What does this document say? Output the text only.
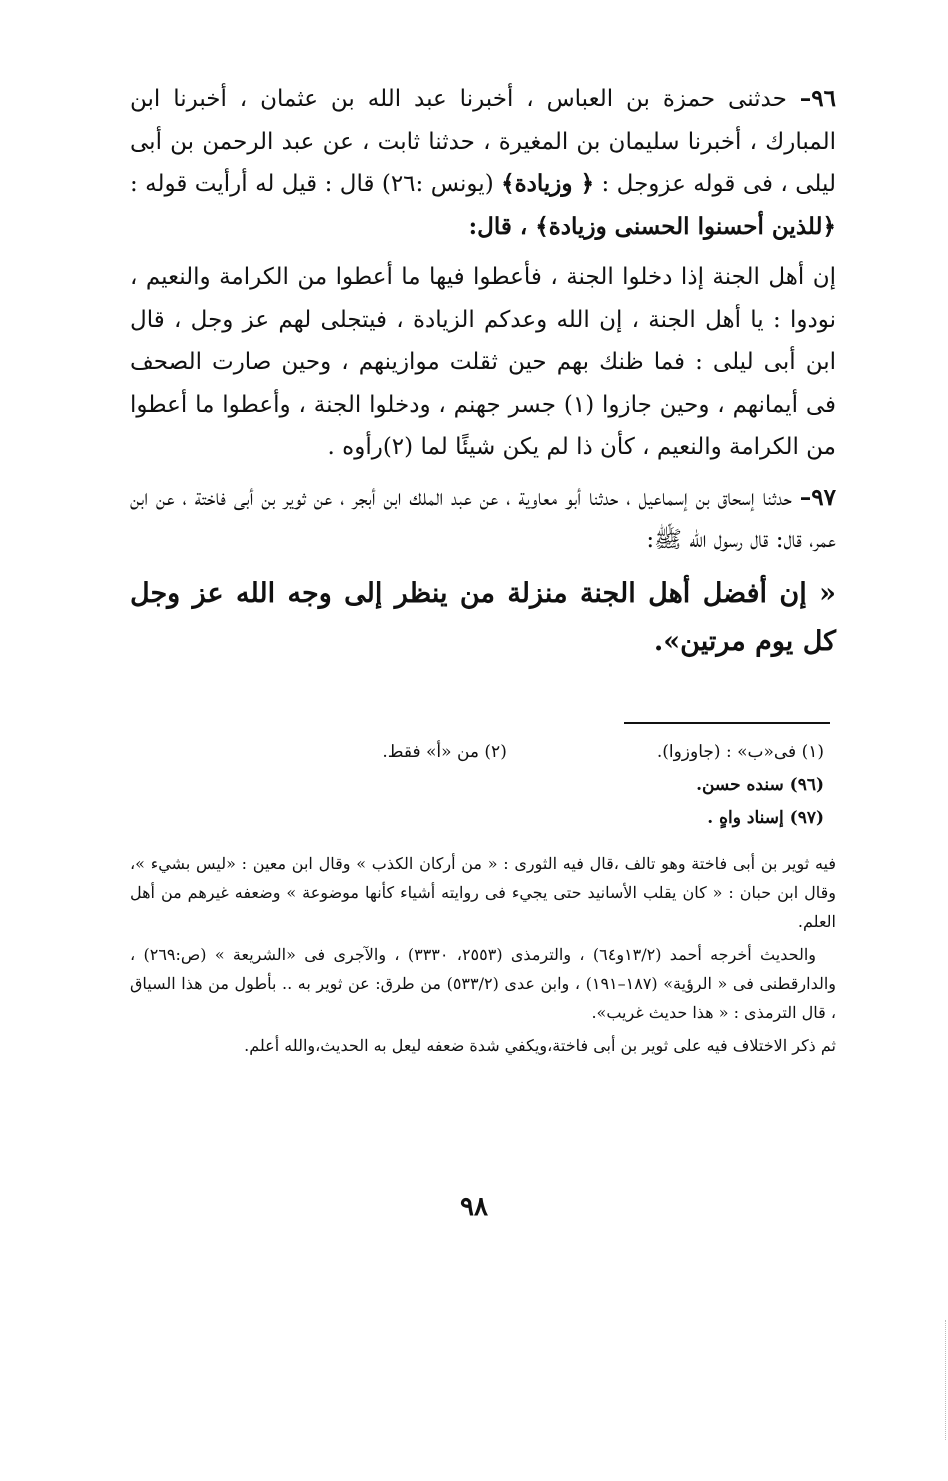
٩٦– حدثنى حمزة بن العباس ، أخبرنا عبد الله بن عثمان ، أخبرنا ابن المبارك ، أخبرنا سليمان بن المغيرة ، حدثنا ثابت ، عن عبد الرحمن بن أبى ليلى ، فى قوله عزوجل : ﴿ وزيادة﴾ (يونس :٢٦) قال : قيل له أرأيت قوله : ﴿للذين أحسنوا الحسنى وزيادة﴾ ، قال:

إن أهل الجنة إذا دخلوا الجنة ، فأعطوا فيها ما أعطوا من الكرامة والنعيم ، نودوا : يا أهل الجنة ، إن الله وعدكم الزيادة ، فيتجلى لهم عز وجل ، قال ابن أبى ليلى : فما ظنك بهم حين ثقلت موازينهم ، وحين صارت الصحف فى أيمانهم ، وحين جازوا (١) جسر جهنم ، ودخلوا الجنة ، وأعطوا ما أعطوا من الكرامة والنعيم ، كأن ذا لم يكن شيئًا لما (٢)رأوه .

٩٧– حدثنا إسحاق بن إسماعيل ، حدثنا أبو معاوية ، عن عبد الملك ابن أبجر ، عن ثوير بن أبى فاختة ، عن ابن عمر، قال: قال رسول الله ﷺ:

« إن أفضل أهل الجنة منزلة من ينظر إلى وجه الله عز وجل كل يوم مرتين».

(١) فى«ب» : (جاوزوا).(٢) من «أ» فقط.
(٩٦) سنده حسن.
(٩٧) إسناد واهٍ .

فيه ثوير بن أبى فاختة وهو تالف ،قال فيه الثورى : « من أركان الكذب » وقال ابن معين : «ليس بشيء »، وقال ابن حبان : « كان يقلب الأسانيد حتى يجيء فى روايته أشياء كأنها موضوعة » وضعفه غيرهم من أهل العلم.

والحديث أخرجه أحمد (١٣/٢و٦٤) ، والترمذى (٢٥٥٣، ٣٣٣٠) ، والآجرى فى «الشريعة » (ص:٢٦٩) ، والدارقطنى فى « الرؤية» (١٨٧–١٩١) ، وابن عدى (٥٣٣/٢) من طرق: عن ثوير به .. بأطول من هذا السياق ، قال الترمذى : « هذا حديث غريب».

ثم ذكر الاختلاف فيه على ثوير بن أبى فاختة،ويكفي شدة ضعفه ليعل به الحديث،والله أعلم.

٩٨
